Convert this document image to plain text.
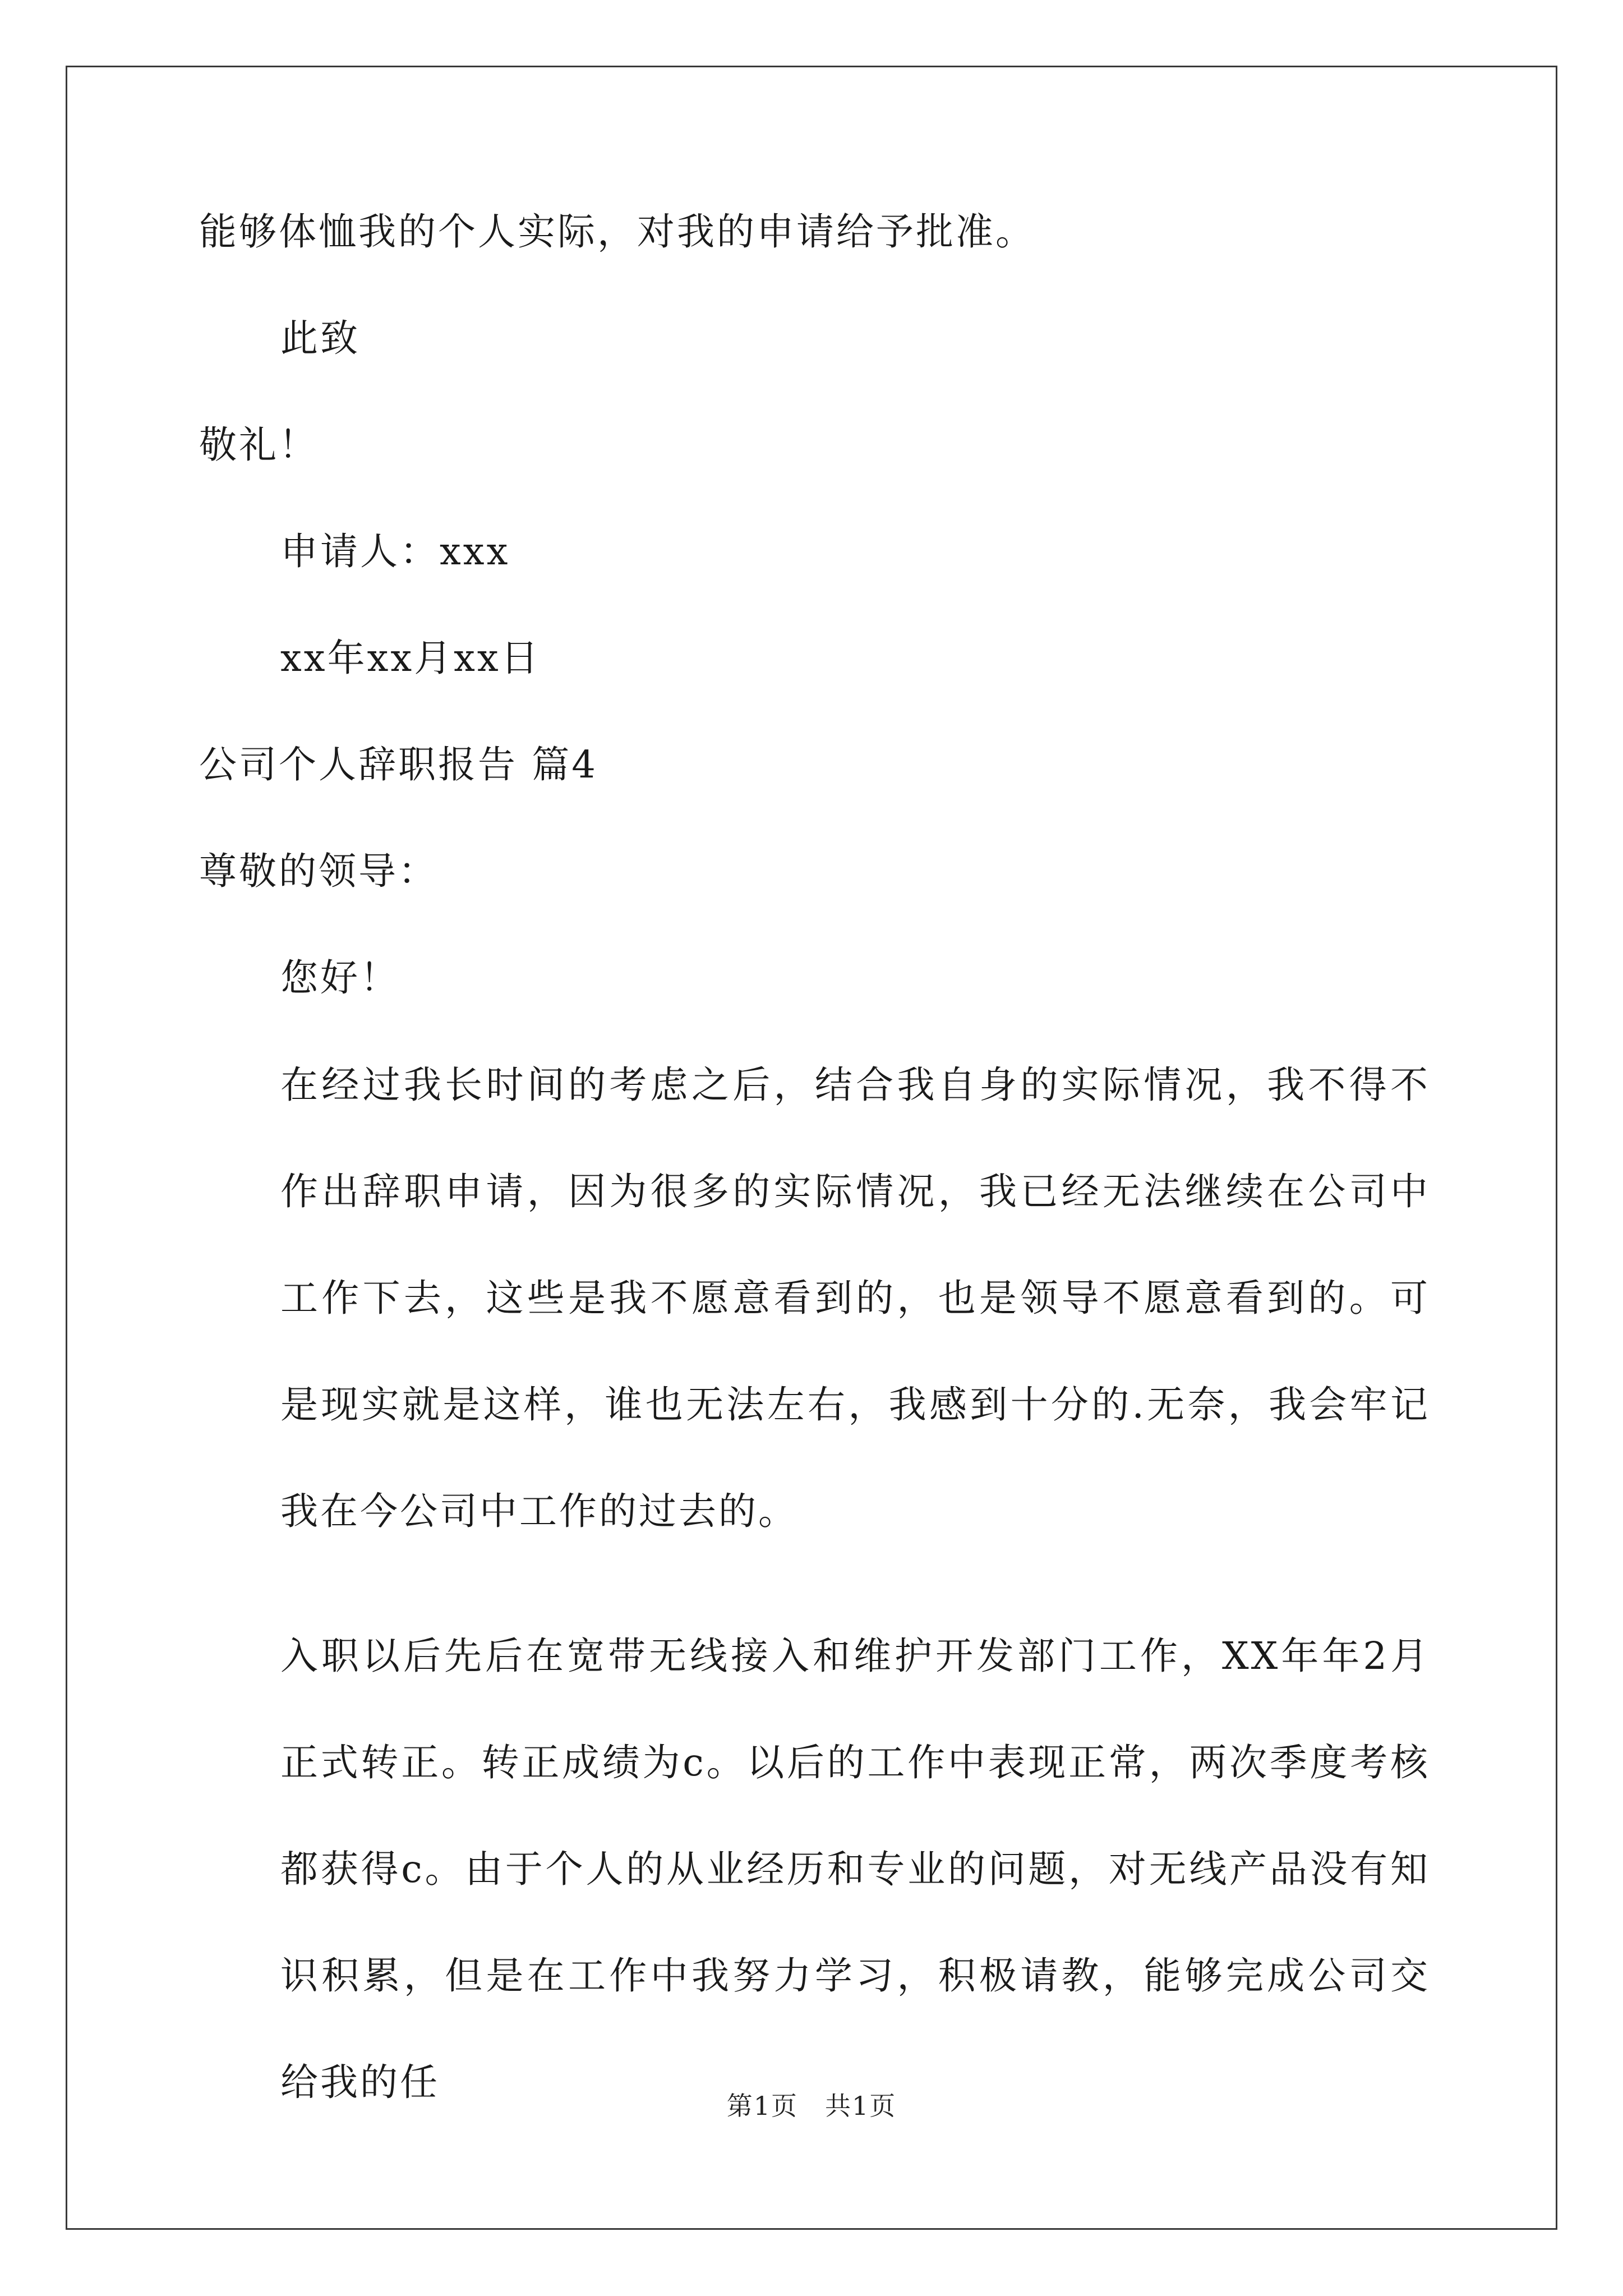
能够体恤我的个人实际，对我的申请给予批准。
此致
敬礼！
申请人：xxx
xx年xx月xx日
公司个人辞职报告 篇4
尊敬的领导：
您好！
在经过我长时间的考虑之后，结合我自身的实际情况，我不得不作出辞职申请，因为很多的实际情况，我已经无法继续在公司中工作下去，这些是我不愿意看到的，也是领导不愿意看到的。可是现实就是这样，谁也无法左右，我感到十分的.无奈，我会牢记我在今公司中工作的过去的。
入职以后先后在宽带无线接入和维护开发部门工作，XX年年2月正式转正。转正成绩为c。以后的工作中表现正常，两次季度考核都获得c。由于个人的从业经历和专业的问题，对无线产品没有知识积累，但是在工作中我努力学习，积极请教，能够完成公司交给我的任
第1页　共1页
